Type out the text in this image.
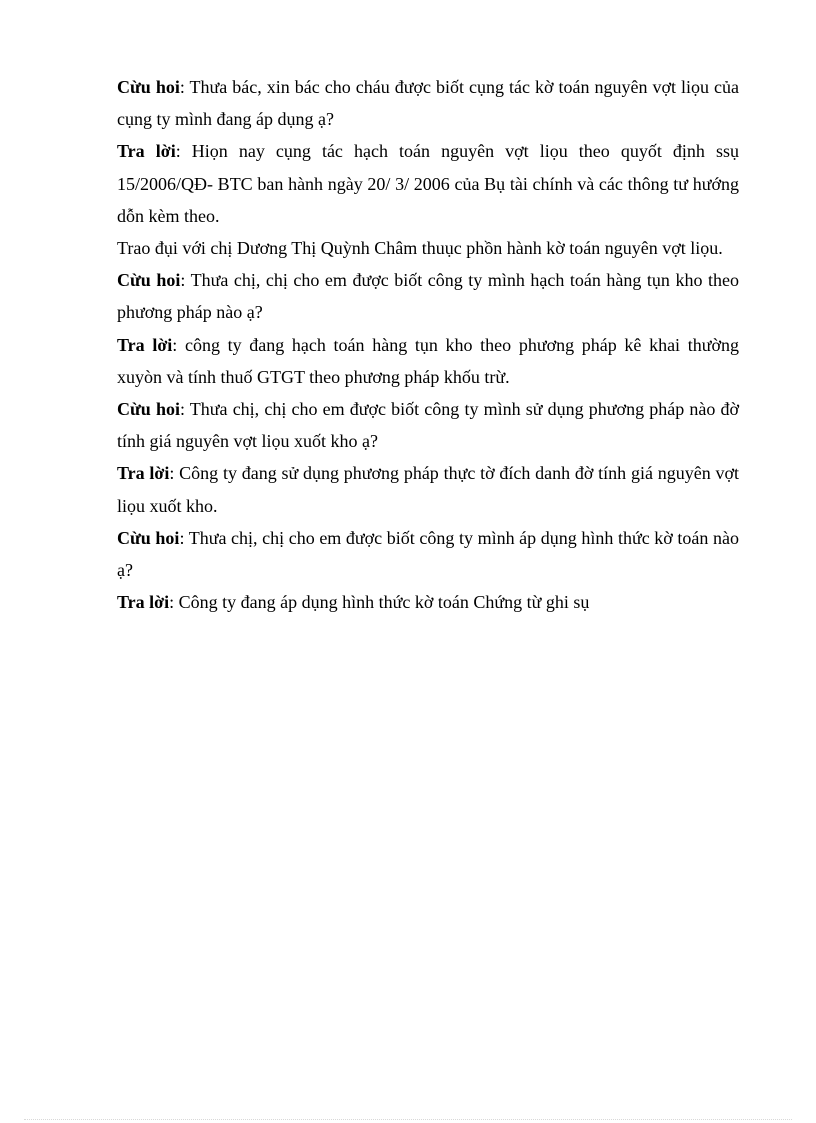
Cừu hoi: Thưa bác, xin bác cho cháu được biốt cụng tác kờ toán nguyên vợt liọu của cụng ty mình đang áp dụng ạ?

Tra lời: Hiọn nay cụng tác hạch toán nguyên vợt liọu theo quyốt định ssụ 15/2006/QĐ- BTC ban hành ngày 20/ 3/ 2006 của Bụ tài chính và các thông tư hướng dỗn kèm theo.

Trao đụi với chị Dương Thị Quỳnh Châm thuục phồn hành kờ toán nguyên vợt liọu.

Cừu hoi: Thưa chị, chị cho em được biốt công ty mình hạch toán hàng tụn kho theo phương pháp nào ạ?

Tra lời: công ty đang hạch toán hàng tụn kho theo phương pháp kê khai thường xuyòn và tính thuố GTGT theo phương pháp khốu trừ.

Cừu hoi: Thưa chị, chị cho em được biốt công ty mình sử dụng phương pháp nào đờ tính giá nguyên vợt liọu xuốt kho ạ?

Tra lời: Công ty đang sử dụng phương pháp thực tờ đích danh đờ tính giá nguyên vợt liọu xuốt kho.

Cừu hoi: Thưa chị, chị cho em được biốt công ty mình áp dụng hình thức kờ toán nào ạ?

Tra lời: Công ty đang áp dụng hình thức kờ toán Chứng từ ghi sụ
